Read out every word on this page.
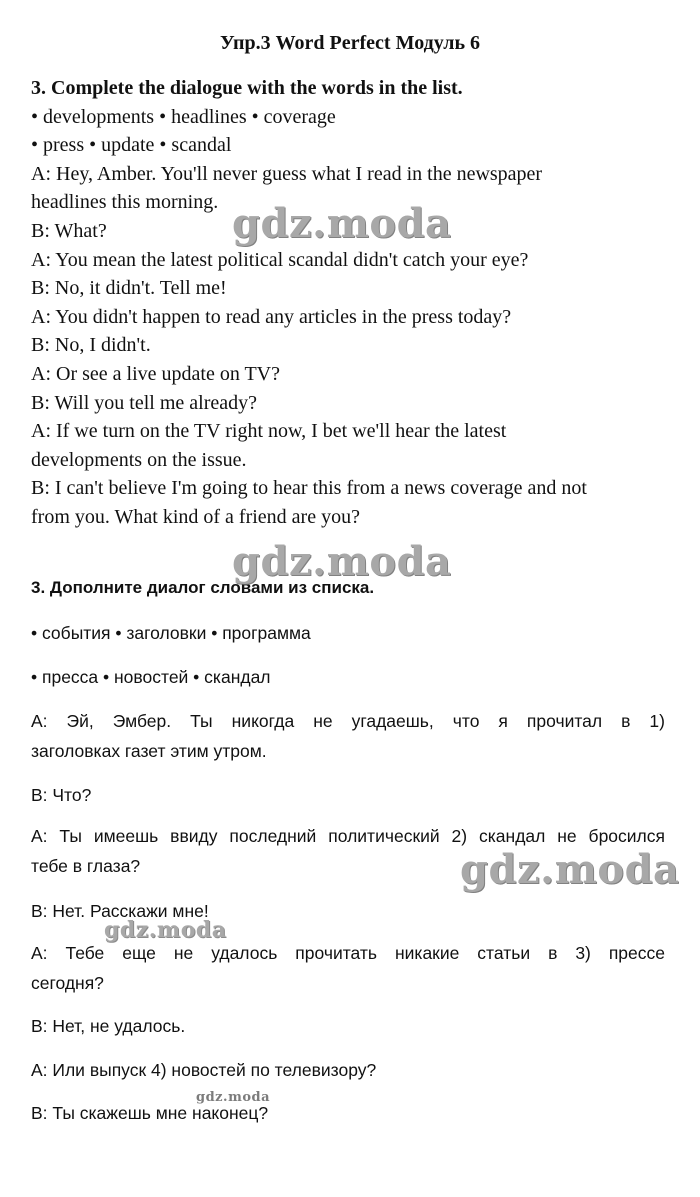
Упр.3 Word Perfect Модуль 6
3. Complete the dialogue with the words in the list.
• developments • headlines • coverage
• press • update • scandal
A: Hey, Amber. You'll never guess what I read in the newspaper
headlines this morning.
B: What?
A: You mean the latest political scandal didn't catch your eye?
B: No, it didn't. Tell me!
A: You didn't happen to read any articles in the press today?
B: No, I didn't.
A: Or see a live update on TV?
B: Will you tell me already?
A: If we turn on the TV right now, I bet we'll hear the latest
developments on the issue.
B: I can't believe I'm going to hear this from a news coverage and not
from you. What kind of a friend are you?
3. Дополните диалог словами из списка.
• события • заголовки • программа
• пресса • новостей • скандал
А: Эй, Эмбер. Ты никогда не угадаешь, что я прочитал в 1)
заголовках газет этим утром.
В: Что?
А: Ты имеешь ввиду последний политический 2) скандал не бросился
тебе в глаза?
В: Нет. Расскажи мне!
А: Тебе еще не удалось прочитать никакие статьи в 3) прессе
сегодня?
В: Нет, не удалось.
А: Или выпуск 4) новостей по телевизору?
В: Ты скажешь мне наконец?
gdz.moda
gdz.moda
gdz.moda
gdz.moda
gdz.moda
